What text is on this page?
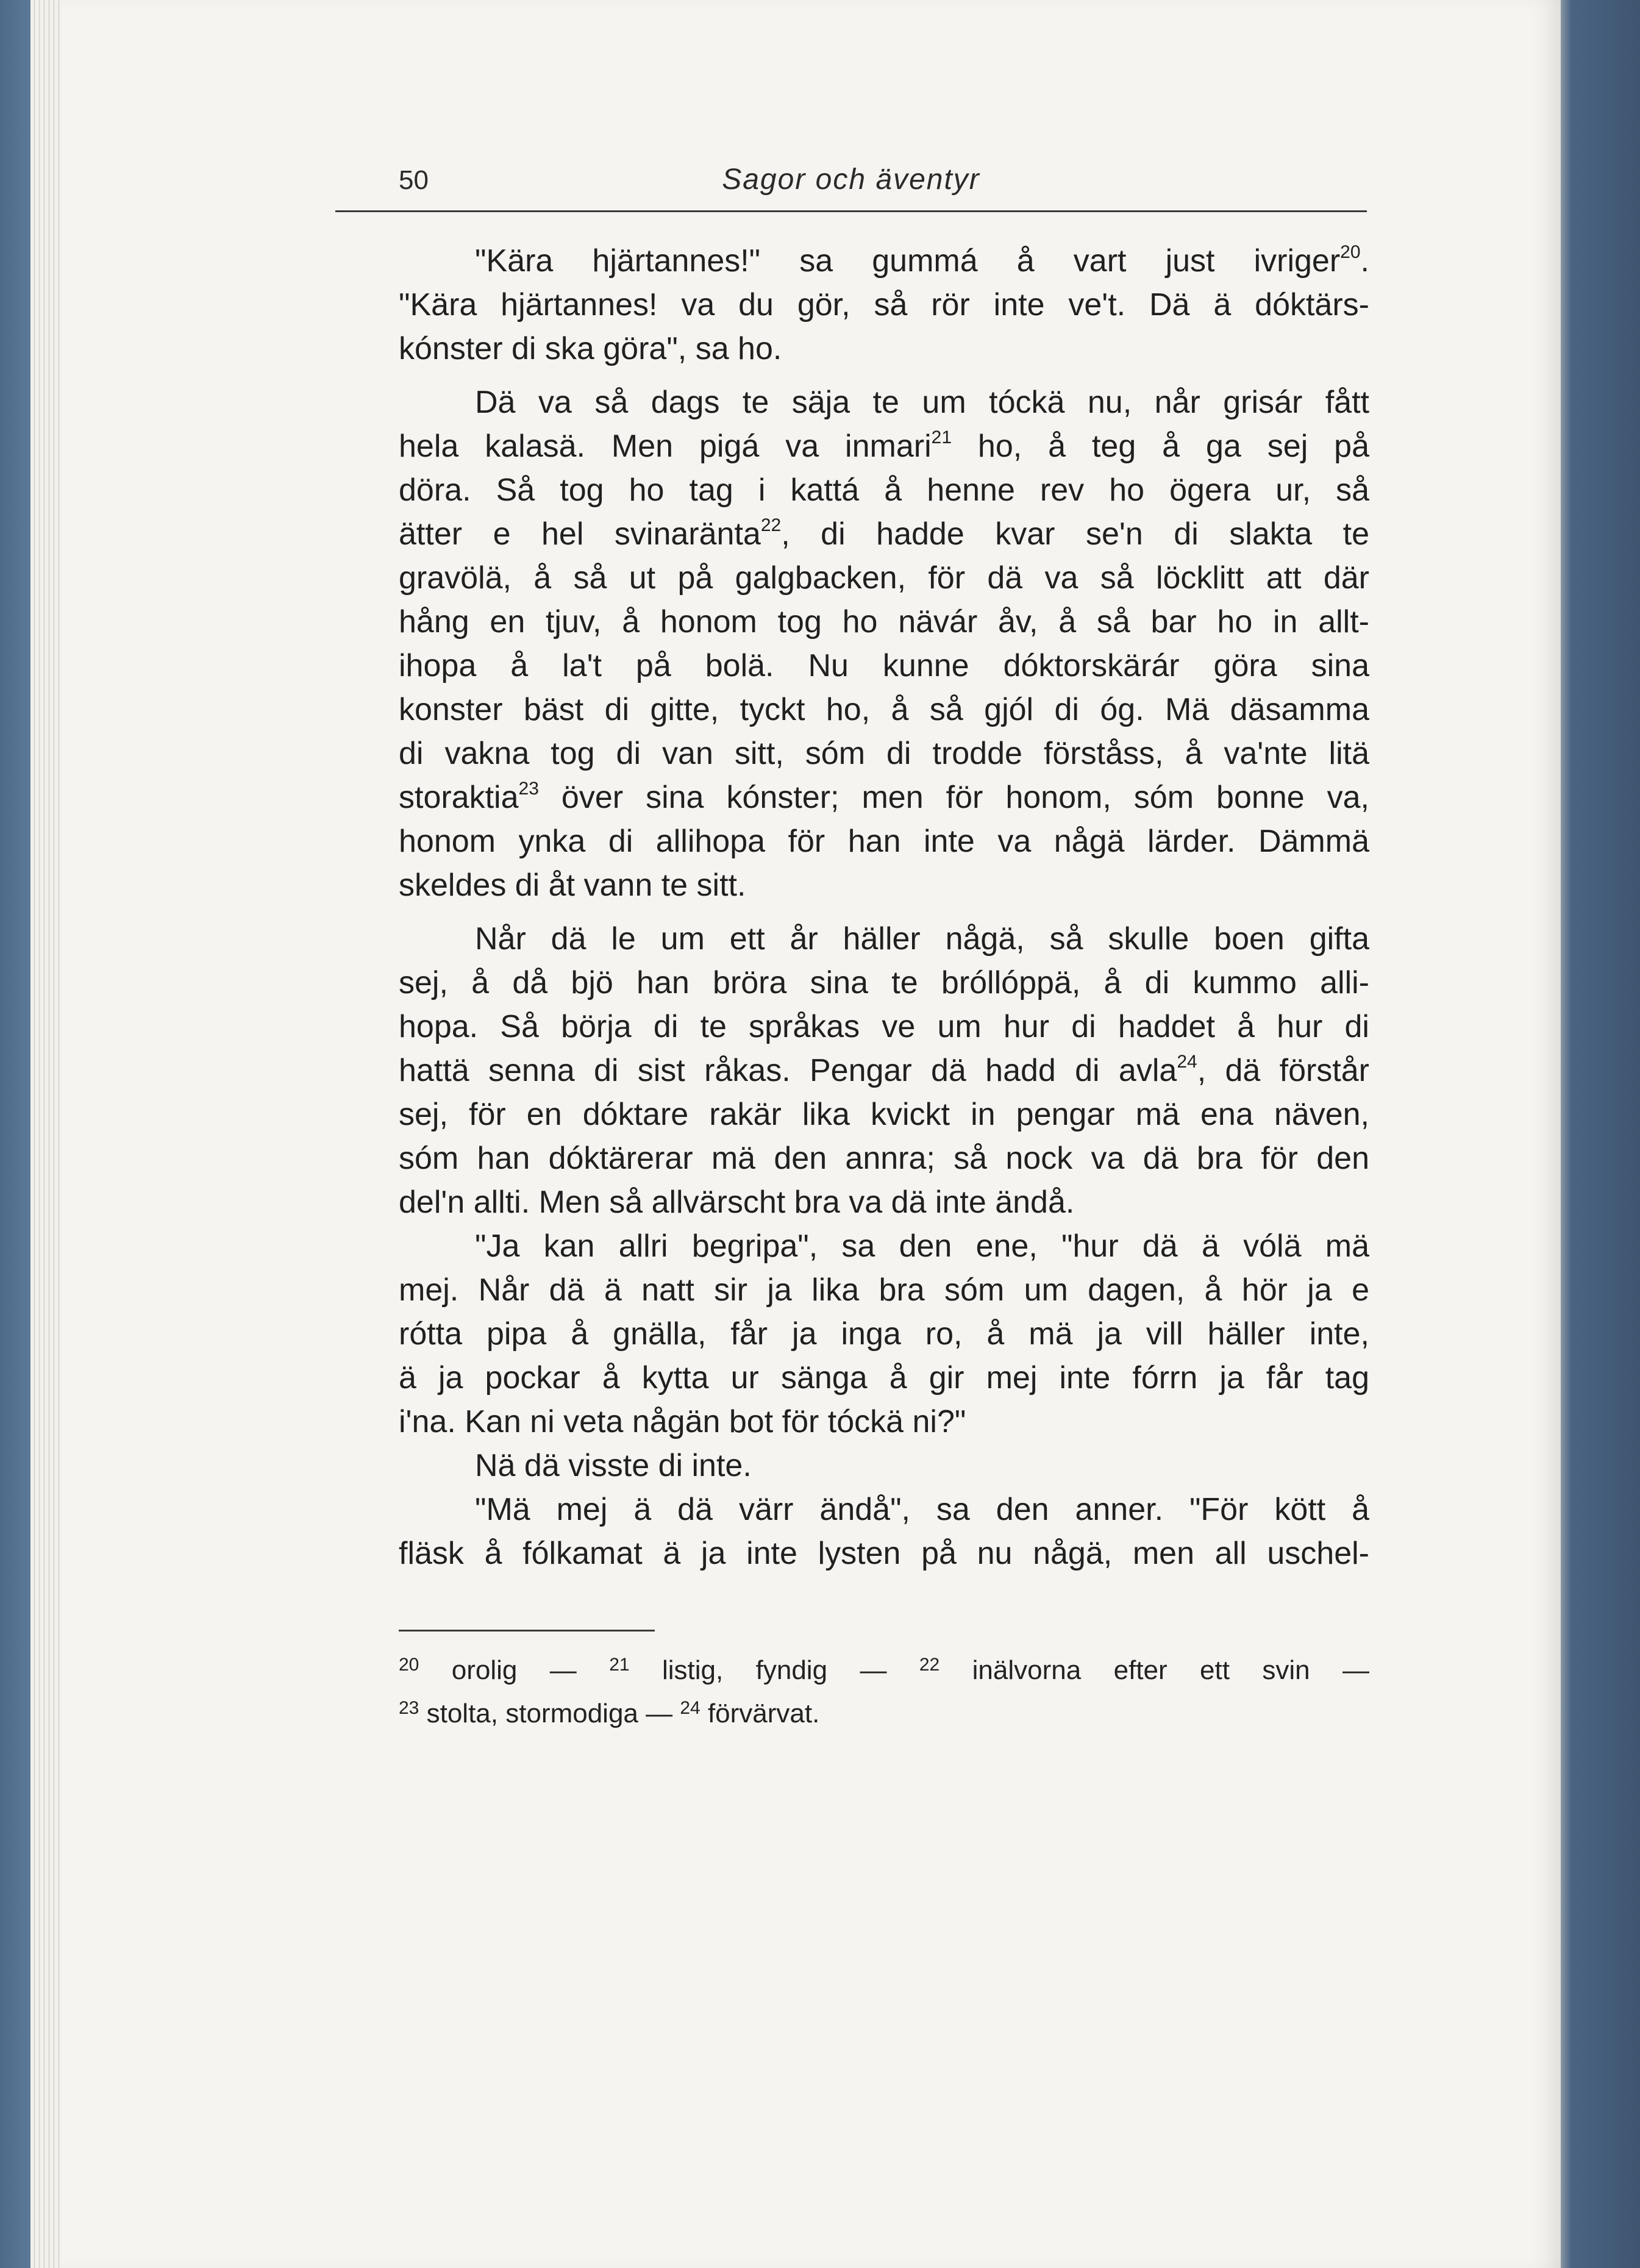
50	Sagor och äventyr
"Kära hjärtannes!" sa gummá å vart just ivriger$^{20}$.
"Kära hjärtannes! va du gör, så rör inte ve't. Dä ä dóktärs-
kónster di ska göra", sa ho.
Dä va så dags te säja te um tóckä nu, når grisár fått
hela kalasä. Men pigá va inmari$^{21}$ ho, å teg å ga sej på
döra. Så tog ho tag i kattá å henne rev ho ögera ur, så
ätter e hel svinaränta$^{22}$, di hadde kvar se'n di slakta te
gravölä, å så ut på galgbacken, för dä va så löcklitt att där
hång en tjuv, å honom tog ho nävár åv, å så bar ho in allt-
ihopa å la't på bolä. Nu kunne dóktorskärár göra sina
konster bäst di gitte, tyckt ho, å så gjól di óg. Mä däsamma
di vakna tog di van sitt, sóm di trodde förståss, å va'nte litä
storaktia$^{23}$ över sina kónster; men för honom, sóm bonne va,
honom ynka di allihopa för han inte va någä lärder. Dämmä
skeldes di åt vann te sitt.
Når dä le um ett år häller någä, så skulle boen gifta
sej, å då bjö han bröra sina te bróllóppä, å di kummo alli-
hopa. Så börja di te språkas ve um hur di haddet å hur di
hattä senna di sist råkas. Pengar dä hadd di avla$^{24}$, dä förstår
sej, för en dóktare rakär lika kvickt in pengar mä ena näven,
sóm han dóktärerar mä den annra; så nock va dä bra för den
del'n allti. Men så allvärscht bra va dä inte ändå.
"Ja kan allri begripa", sa den ene, "hur dä ä vólä mä
mej. Når dä ä natt sir ja lika bra sóm um dagen, å hör ja e
rótta pipa å gnälla, får ja inga ro, å mä ja vill häller inte,
ä ja pockar å kytta ur sänga å gir mej inte fórrn ja får tag
i'na. Kan ni veta någän bot för tóckä ni?"
Nä dä visste di inte.
"Mä mej ä dä värr ändå", sa den anner. "För kött å
fläsk å fólkamat ä ja inte lysten på nu någä, men all uschel-
$^{20}$ orolig — $^{21}$ listig, fyndig — $^{22}$ inälvorna efter ett svin —
$^{23}$ stolta, stormodiga — $^{24}$ förvärvat.
